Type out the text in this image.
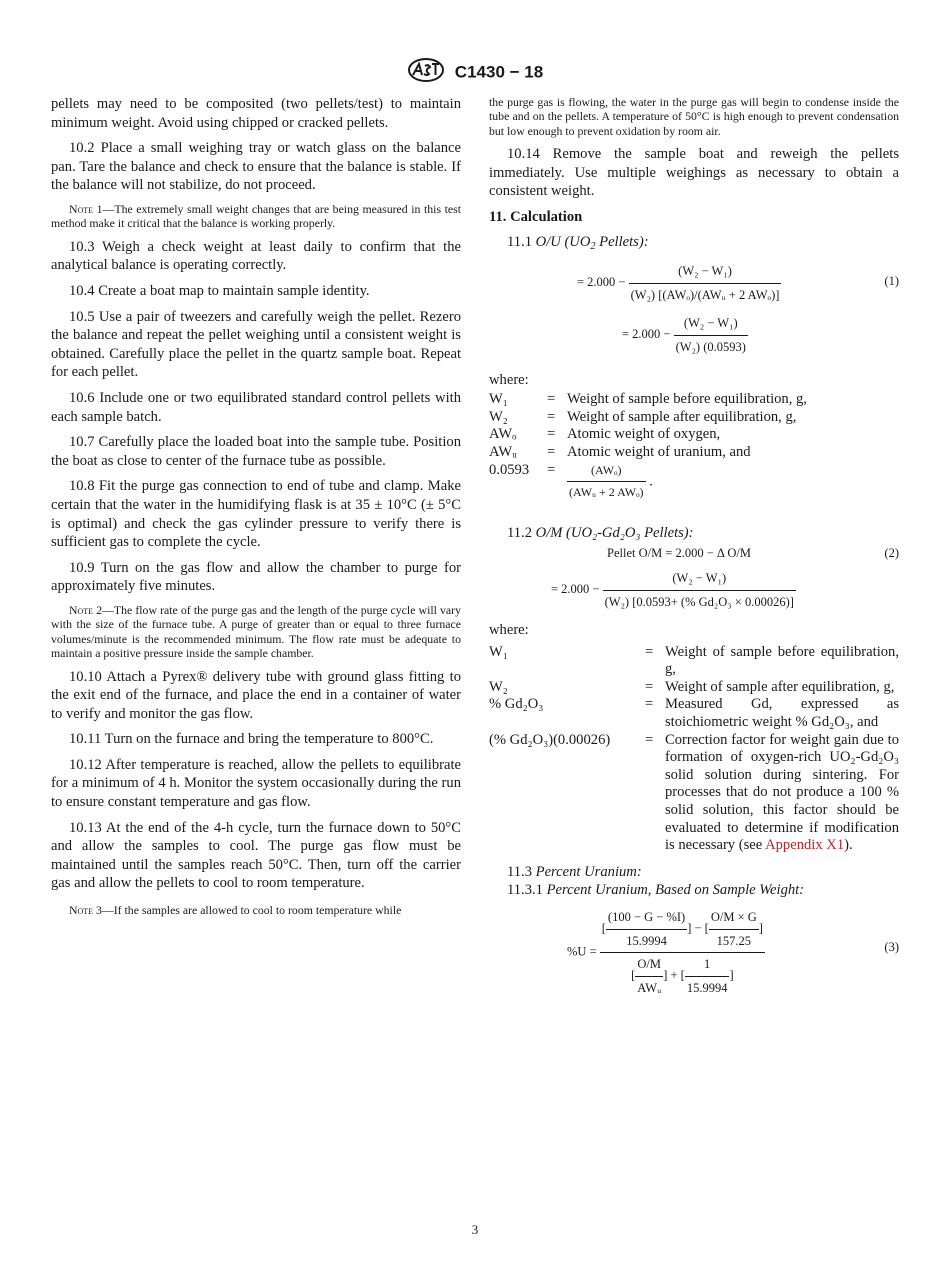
C1430 − 18

pellets may need to be composited (two pellets/test) to maintain minimum weight. Avoid using chipped or cracked pellets.

10.2 Place a small weighing tray or watch glass on the balance pan. Tare the balance and check to ensure that the balance is stable. If the balance will not stabilize, do not proceed.

Note 1—The extremely small weight changes that are being measured in this test method make it critical that the balance is working properly.

10.3 Weigh a check weight at least daily to confirm that the analytical balance is operating correctly.

10.4 Create a boat map to maintain sample identity.

10.5 Use a pair of tweezers and carefully weigh the pellet. Rezero the balance and repeat the pellet weighing until a consistent weight is obtained. Carefully place the pellet in the quartz sample boat. Repeat for each pellet.

10.6 Include one or two equilibrated standard control pellets with each sample batch.

10.7 Carefully place the loaded boat into the sample tube. Position the boat as close to center of the furnace tube as possible.

10.8 Fit the purge gas connection to end of tube and clamp. Make certain that the water in the humidifying flask is at 35 ± 10°C (± 5°C is optimal) and check the gas cylinder pressure to verify there is sufficient gas to complete the cycle.

10.9 Turn on the gas flow and allow the chamber to purge for approximately five minutes.

Note 2—The flow rate of the purge gas and the length of the purge cycle will vary with the size of the furnace tube. A purge of greater than or equal to three furnace volumes/minute is the recommended minimum. The flow rate must be adequate to maintain a positive pressure inside the sample chamber.

10.10 Attach a Pyrex® delivery tube with ground glass fitting to the exit end of the furnace, and place the end in a container of water to verify and monitor the gas flow.

10.11 Turn on the furnace and bring the temperature to 800°C.

10.12 After temperature is reached, allow the pellets to equilibrate for a minimum of 4 h. Monitor the system occasionally during the run to ensure constant temperature and gas flow.

10.13 At the end of the 4-h cycle, turn the furnace down to 50°C and allow the samples to cool. The purge gas flow must be maintained until the samples reach 50°C. Then, turn off the carrier gas and allow the pellets to cool to room temperature.

Note 3—If the samples are allowed to cool to room temperature while

the purge gas is flowing, the water in the purge gas will begin to condense inside the tube and on the pellets. A temperature of 50°C is high enough to prevent condensation but low enough to prevent oxidation by room air.

10.14 Remove the sample boat and reweigh the pellets immediately. Use multiple weighings as necessary to obtain a consistent weight.

11. Calculation
11.1 O/U ($UO_2$ Pellets):
= $2.000 - \frac{\text{(W₂ − W₁)}}{\text{(W₂) [(AWₒ)/(AWᵤ + 2 AWₒ)]}}$	(1)
= $2.000 - \frac{\text{(W₂ − W₁)}}{\text{(W₂) (0.0593)}}$
where:
W₁	=	Weight of sample before equilibration, g,
W₂	=	Weight of sample after equilibration, g,
AWₒ	=	Atomic weight of oxygen,
AWᵤ	=	Atomic weight of uranium, and
0.0593	=	$\frac{\text{(AWₒ)}}{\text{(AWᵤ + 2 AWₒ)}}$ .
11.2 O/M (UO₂-Gd₂O₃ Pellets):
Pellet O/M = 2.000 − Δ O/M	(2)
= $2.000 - \frac{\text{(W₂ − W₁)}}{\text{(W₂) [0.0593+ (\% Gd₂O₃ × 0.00026)]}}$
where:
W₁	=	Weight of sample before equilibration, g,
W₂	=	Weight of sample after equilibration, g,
% Gd₂O₃	=	Measured Gd, expressed as stoichiometric weight % Gd₂O₃, and
(% Gd₂O₃)(0.00026)	=	Correction factor for weight gain due to formation of oxygen-rich UO₂-Gd₂O₃ solid solution during sintering. For processes that do not produce a 100 % solid solution, this factor should be evaluated to determine if modification is necessary (see Appendix X1).
11.3 Percent Uranium:
11.3.1 Percent Uranium, Based on Sample Weight:
$\%U = \frac{[ \frac{(100 - G - \%I)}{15.9994} ] - [ \frac{O/M \times G}{157.25} ]}{[ \frac{O/M}{\text{AWᵤ}} ] + [ \frac{1}{15.9994} ]}$	(3)
3
